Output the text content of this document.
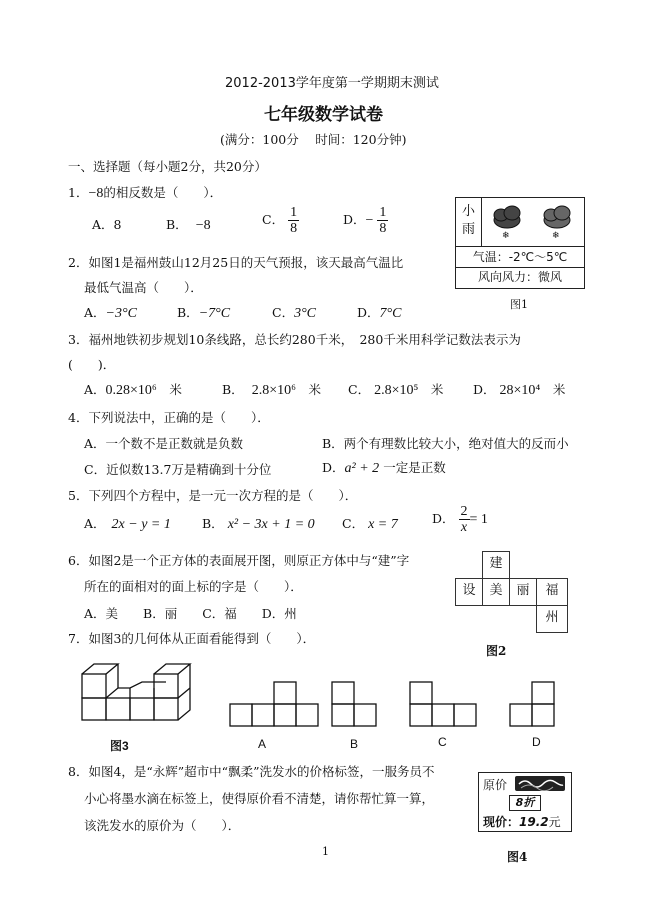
2012-2013学年度第一学期期末测试
七年级数学试卷
(满分：100分　 时间：120分钟)
一、选择题（每小题2分，共20分）
1．−8的相反数是（　　）．
A．8	B． −8	C． $\frac{1}{8}$	D．− $\frac{1}{8}$	小雨	❄	❄
气温：-2℃～5℃
风向风力：微风
图1
2．如图1是福州鼓山12月25日的天气预报，该天最高气温比
最低气温高（　　）．
A．−3°C	B．−7°C	C．3°C	D．7°C
3．福州地铁初步规划10条线路，总长约280千米，　280千米用科学记数法表示为
(　　)．
A．0.28×10⁶　 米	B． 2.8×10⁶　 米 C． 2.8×10⁵　 米 D． 28×10⁴　 米
4．下列说法中，正确的是（　　）．
A．一个数不是正数就是负数	B．两个有理数比较大小，绝对值大的反而小
C．近似数13.7万是精确到十分位	D．a² + 2 一定是正数
5．下列四个方程中，是一元一次方程的是（　　）．
A． 2x − y = 1 B． x² − 3x + 1 = 0 C． x = 7	D． $\frac{2}{x} = 1$
6．如图2是一个正方体的表面展开图，则原正方体中与“建”字
所在的面相对的面上标的字是（　　）．
A．美　　B．丽　　C．福　　D．州
建
设	美	丽	福
州
图2
7．如图3的几何体从正面看能得到（　　）．
图3	A	B	C	D
8．如图4，是“永辉”超市中“飘柔”洗发水的价格标签，一服务员不
小心将墨水滴在标签上，使得原价看不清楚，请你帮忙算一算，
该洗发水的原价为（　　）．
原价
8折
现价：19.2元
图4
1
